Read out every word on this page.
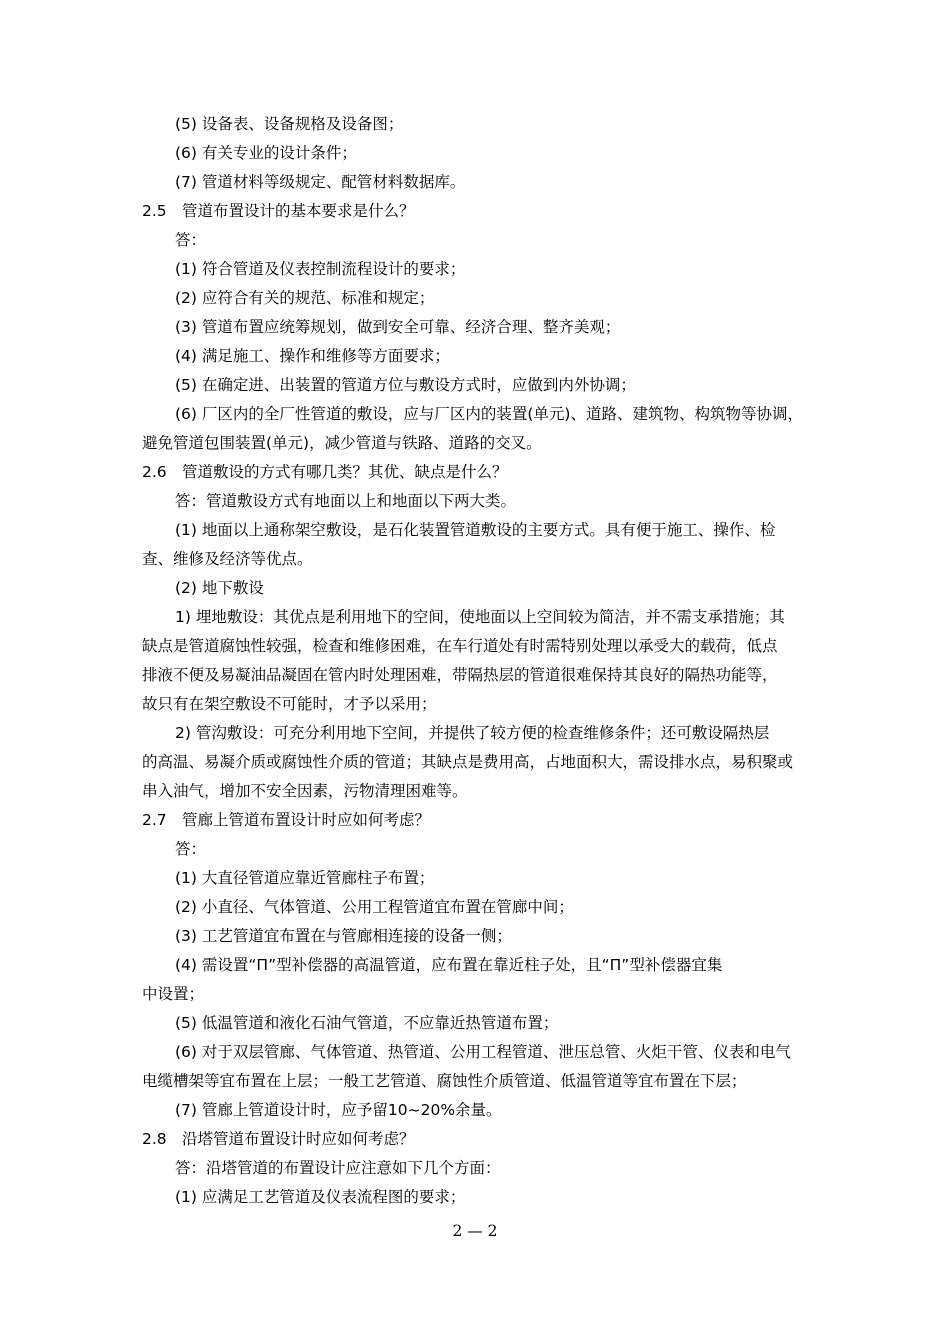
(5) 设备表、设备规格及设备图；
(6) 有关专业的设计条件；
(7) 管道材料等级规定、配管材料数据库。
2.5 管道布置设计的基本要求是什么？
答：
(1) 符合管道及仪表控制流程设计的要求；
(2) 应符合有关的规范、标准和规定；
(3) 管道布置应统筹规划，做到安全可靠、经济合理、整齐美观；
(4) 满足施工、操作和维修等方面要求；
(5) 在确定进、出装置的管道方位与敷设方式时，应做到内外协调；
(6) 厂区内的全厂性管道的敷设，应与厂区内的装置(单元)、道路、建筑物、构筑物等协调，
避免管道包围装置(单元)，减少管道与铁路、道路的交叉。
2.6 管道敷设的方式有哪几类？其优、缺点是什么？
答：管道敷设方式有地面以上和地面以下两大类。
(1) 地面以上通称架空敷设，是石化装置管道敷设的主要方式。具有便于施工、操作、检
查、维修及经济等优点。
(2) 地下敷设
1) 埋地敷设：其优点是利用地下的空间，使地面以上空间较为简洁，并不需支承措施；其
缺点是管道腐蚀性较强，检查和维修困难，在车行道处有时需特别处理以承受大的载荷，低点
排液不便及易凝油品凝固在管内时处理困难，带隔热层的管道很难保持其良好的隔热功能等，
故只有在架空敷设不可能时，才予以采用；
2) 管沟敷设：可充分利用地下空间，并提供了较方便的检查维修条件；还可敷设隔热层
的高温、易凝介质或腐蚀性介质的管道；其缺点是费用高，占地面积大，需设排水点，易积聚或
串入油气，增加不安全因素，污物清理困难等。
2.7 管廊上管道布置设计时应如何考虑？
答：
(1) 大直径管道应靠近管廊柱子布置；
(2) 小直径、气体管道、公用工程管道宜布置在管廊中间；
(3) 工艺管道宜布置在与管廊相连接的设备一侧；
(4) 需设置“Π”型补偿器的高温管道，应布置在靠近柱子处，且“Π”型补偿器宜集
中设置；
(5) 低温管道和液化石油气管道，不应靠近热管道布置；
(6) 对于双层管廊、气体管道、热管道、公用工程管道、泄压总管、火炬干管、仪表和电气
电缆槽架等宜布置在上层；一般工艺管道、腐蚀性介质管道、低温管道等宜布置在下层；
(7) 管廊上管道设计时，应予留10~20%余量。
2.8 沿塔管道布置设计时应如何考虑？
答：沿塔管道的布置设计应注意如下几个方面：
(1) 应满足工艺管道及仪表流程图的要求；
2 — 2
